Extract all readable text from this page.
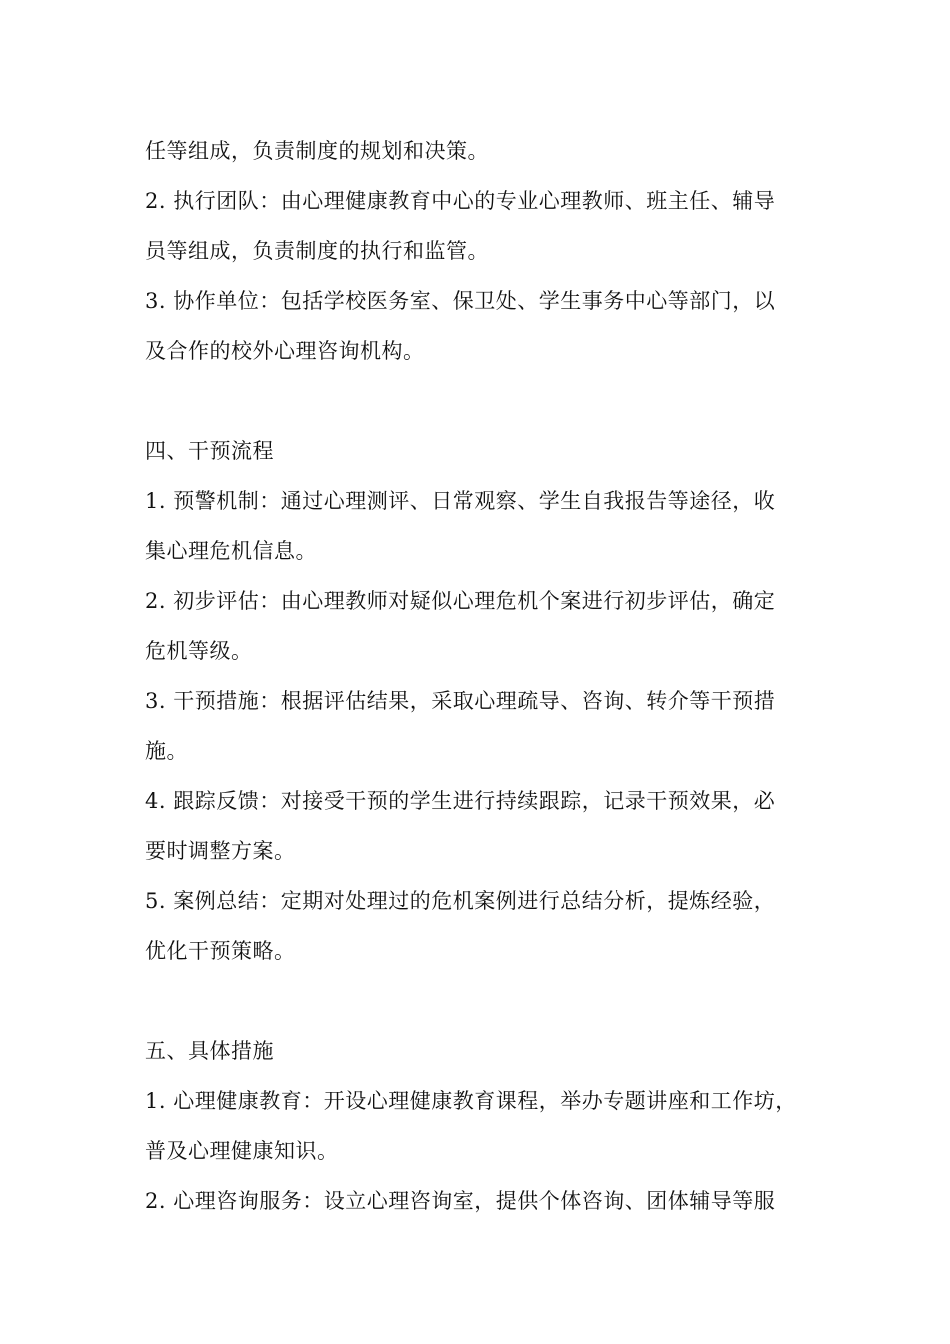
任等组成，负责制度的规划和决策。
2. 执行团队：由心理健康教育中心的专业心理教师、班主任、辅导
员等组成，负责制度的执行和监管。
3. 协作单位：包括学校医务室、保卫处、学生事务中心等部门，以
及合作的校外心理咨询机构。
四、干预流程
1. 预警机制：通过心理测评、日常观察、学生自我报告等途径，收
集心理危机信息。
2. 初步评估：由心理教师对疑似心理危机个案进行初步评估，确定
危机等级。
3. 干预措施：根据评估结果，采取心理疏导、咨询、转介等干预措
施。
4. 跟踪反馈：对接受干预的学生进行持续跟踪，记录干预效果，必
要时调整方案。
5. 案例总结：定期对处理过的危机案例进行总结分析，提炼经验，
优化干预策略。
五、具体措施
1. 心理健康教育：开设心理健康教育课程，举办专题讲座和工作坊，
普及心理健康知识。
2. 心理咨询服务：设立心理咨询室，提供个体咨询、团体辅导等服
